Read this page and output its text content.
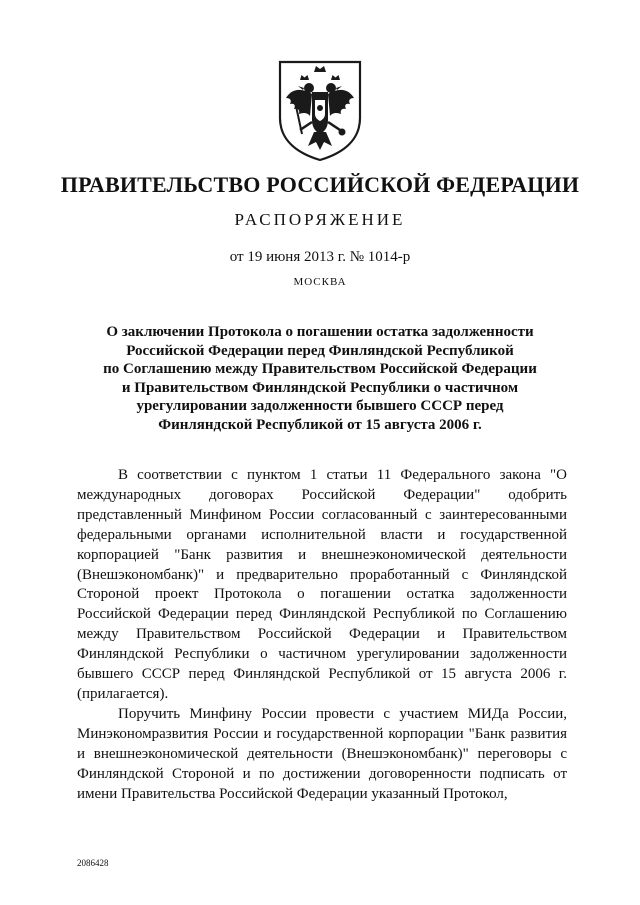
ПРАВИТЕЛЬСТВО РОССИЙСКОЙ ФЕДЕРАЦИИ
РАСПОРЯЖЕНИЕ
от 19 июня 2013 г. № 1014-р
МОСКВА
О заключении Протокола о погашении остатка задолженности
Российской Федерации перед Финляндской Республикой
по Соглашению между Правительством Российской Федерации
и Правительством Финляндской Республики о частичном
урегулировании задолженности бывшего СССР перед
Финляндской Республикой от 15 августа 2006 г.

В соответствии с пунктом 1 статьи 11 Федерального закона "О международных договорах Российской Федерации" одобрить представленный Минфином России согласованный с заинтересованными федеральными органами исполнительной власти и государственной корпорацией "Банк развития и внешнеэкономической деятельности (Внешэкономбанк)" и предварительно проработанный с Финляндской Стороной проект Протокола о погашении остатка задолженности Российской Федерации перед Финляндской Республикой по Соглашению между Правительством Российской Федерации и Правительством Финляндской Республики о частичном урегулировании задолженности бывшего СССР перед Финляндской Республикой от 15 августа 2006 г. (прилагается).

Поручить Минфину России провести с участием МИДа России, Минэкономразвития России и государственной корпорации "Банк развития и внешнеэкономической деятельности (Внешэкономбанк)" переговоры с Финляндской Стороной и по достижении договоренности подписать от имени Правительства Российской Федерации указанный Протокол,

2086428
